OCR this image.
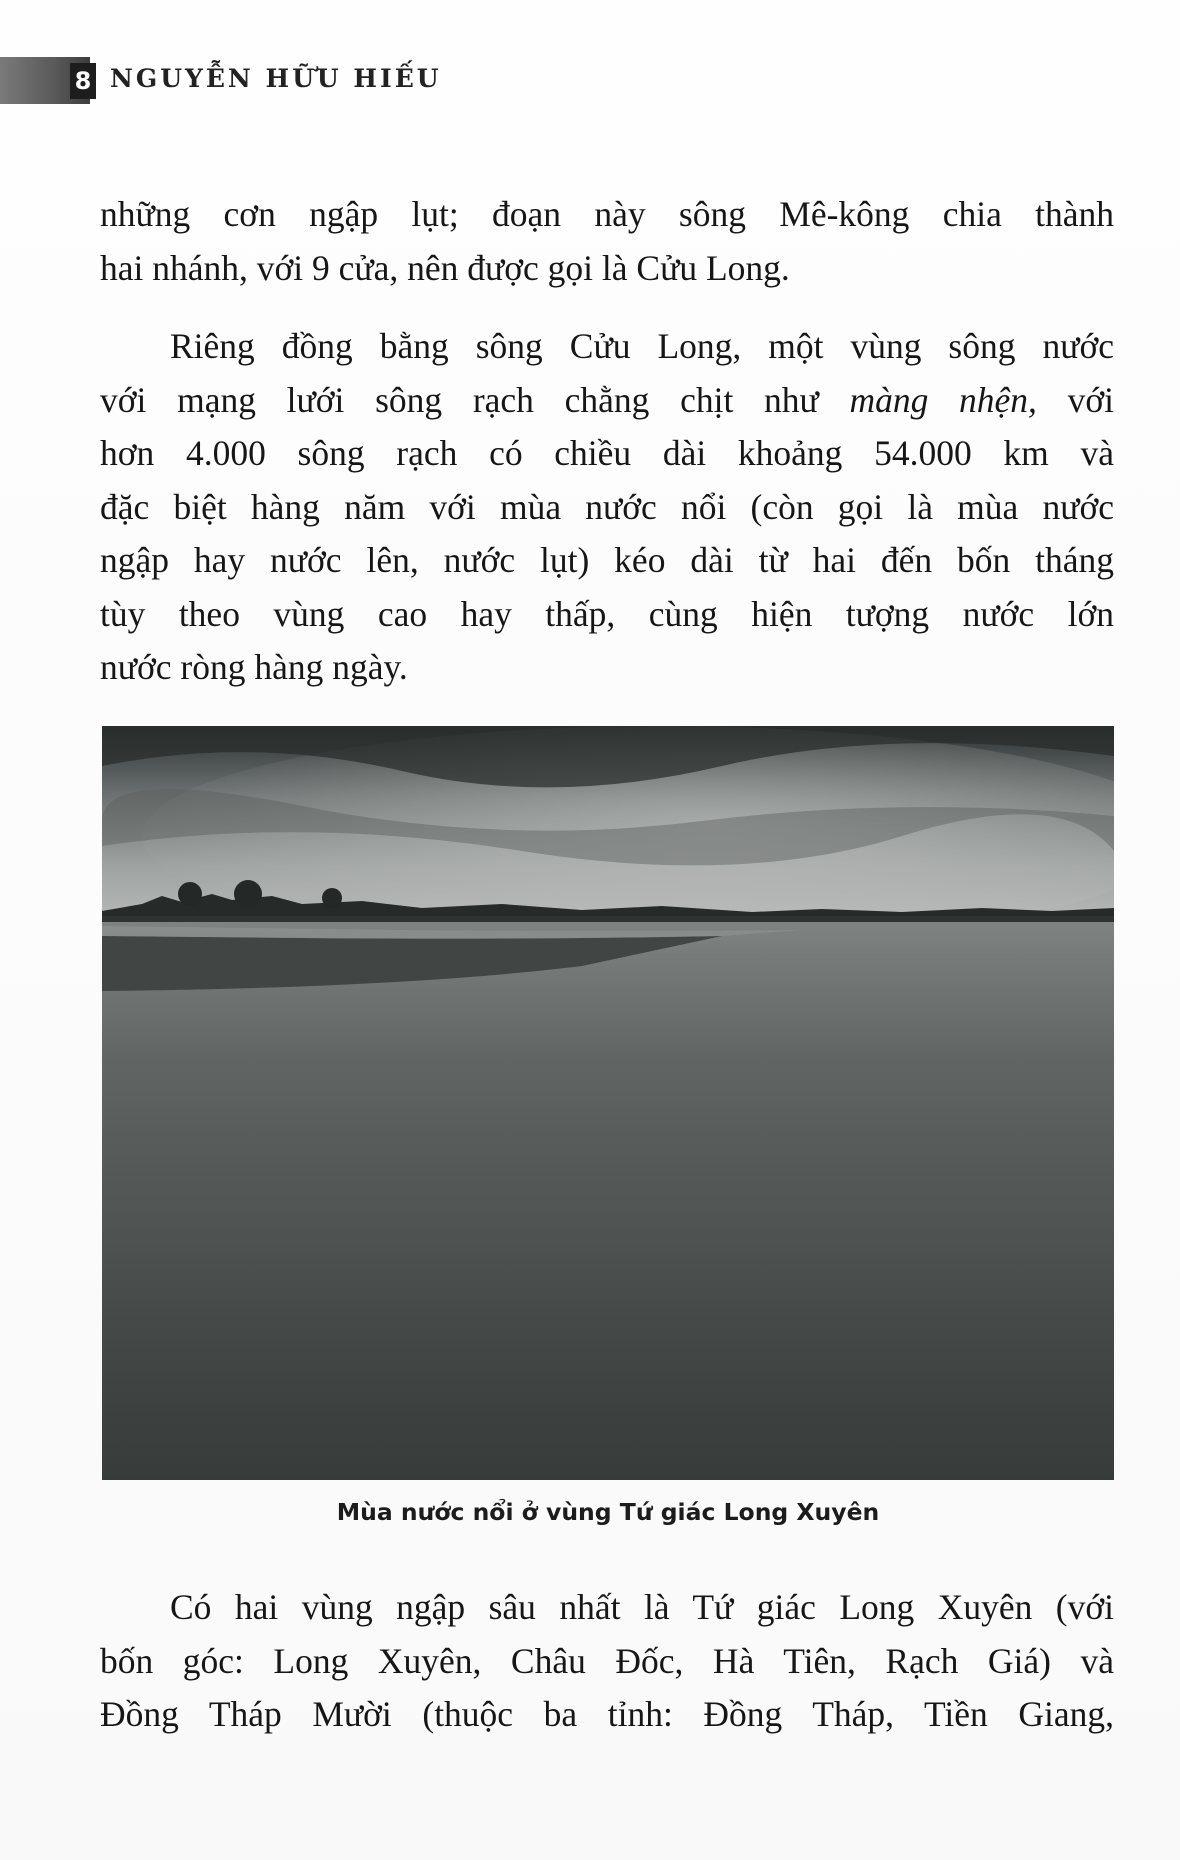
8 NGUYỄN HỮU HIẾU

những cơn ngập lụt; đoạn này sông Mê-kông chia thành
hai nhánh, với 9 cửa, nên được gọi là Cửu Long.

Riêng đồng bằng sông Cửu Long, một vùng sông nước
với mạng lưới sông rạch chằng chịt như màng nhện, với
hơn 4.000 sông rạch có chiều dài khoảng 54.000 km và
đặc biệt hàng năm với mùa nước nổi (còn gọi là mùa nước
ngập hay nước lên, nước lụt) kéo dài từ hai đến bốn tháng
tùy theo vùng cao hay thấp, cùng hiện tượng nước lớn
nước ròng hàng ngày.

Mùa nước nổi ở vùng Tứ giác Long Xuyên

Có hai vùng ngập sâu nhất là Tứ giác Long Xuyên (với
bốn góc: Long Xuyên, Châu Đốc, Hà Tiên, Rạch Giá) và
Đồng Tháp Mười (thuộc ba tỉnh: Đồng Tháp, Tiền Giang,
